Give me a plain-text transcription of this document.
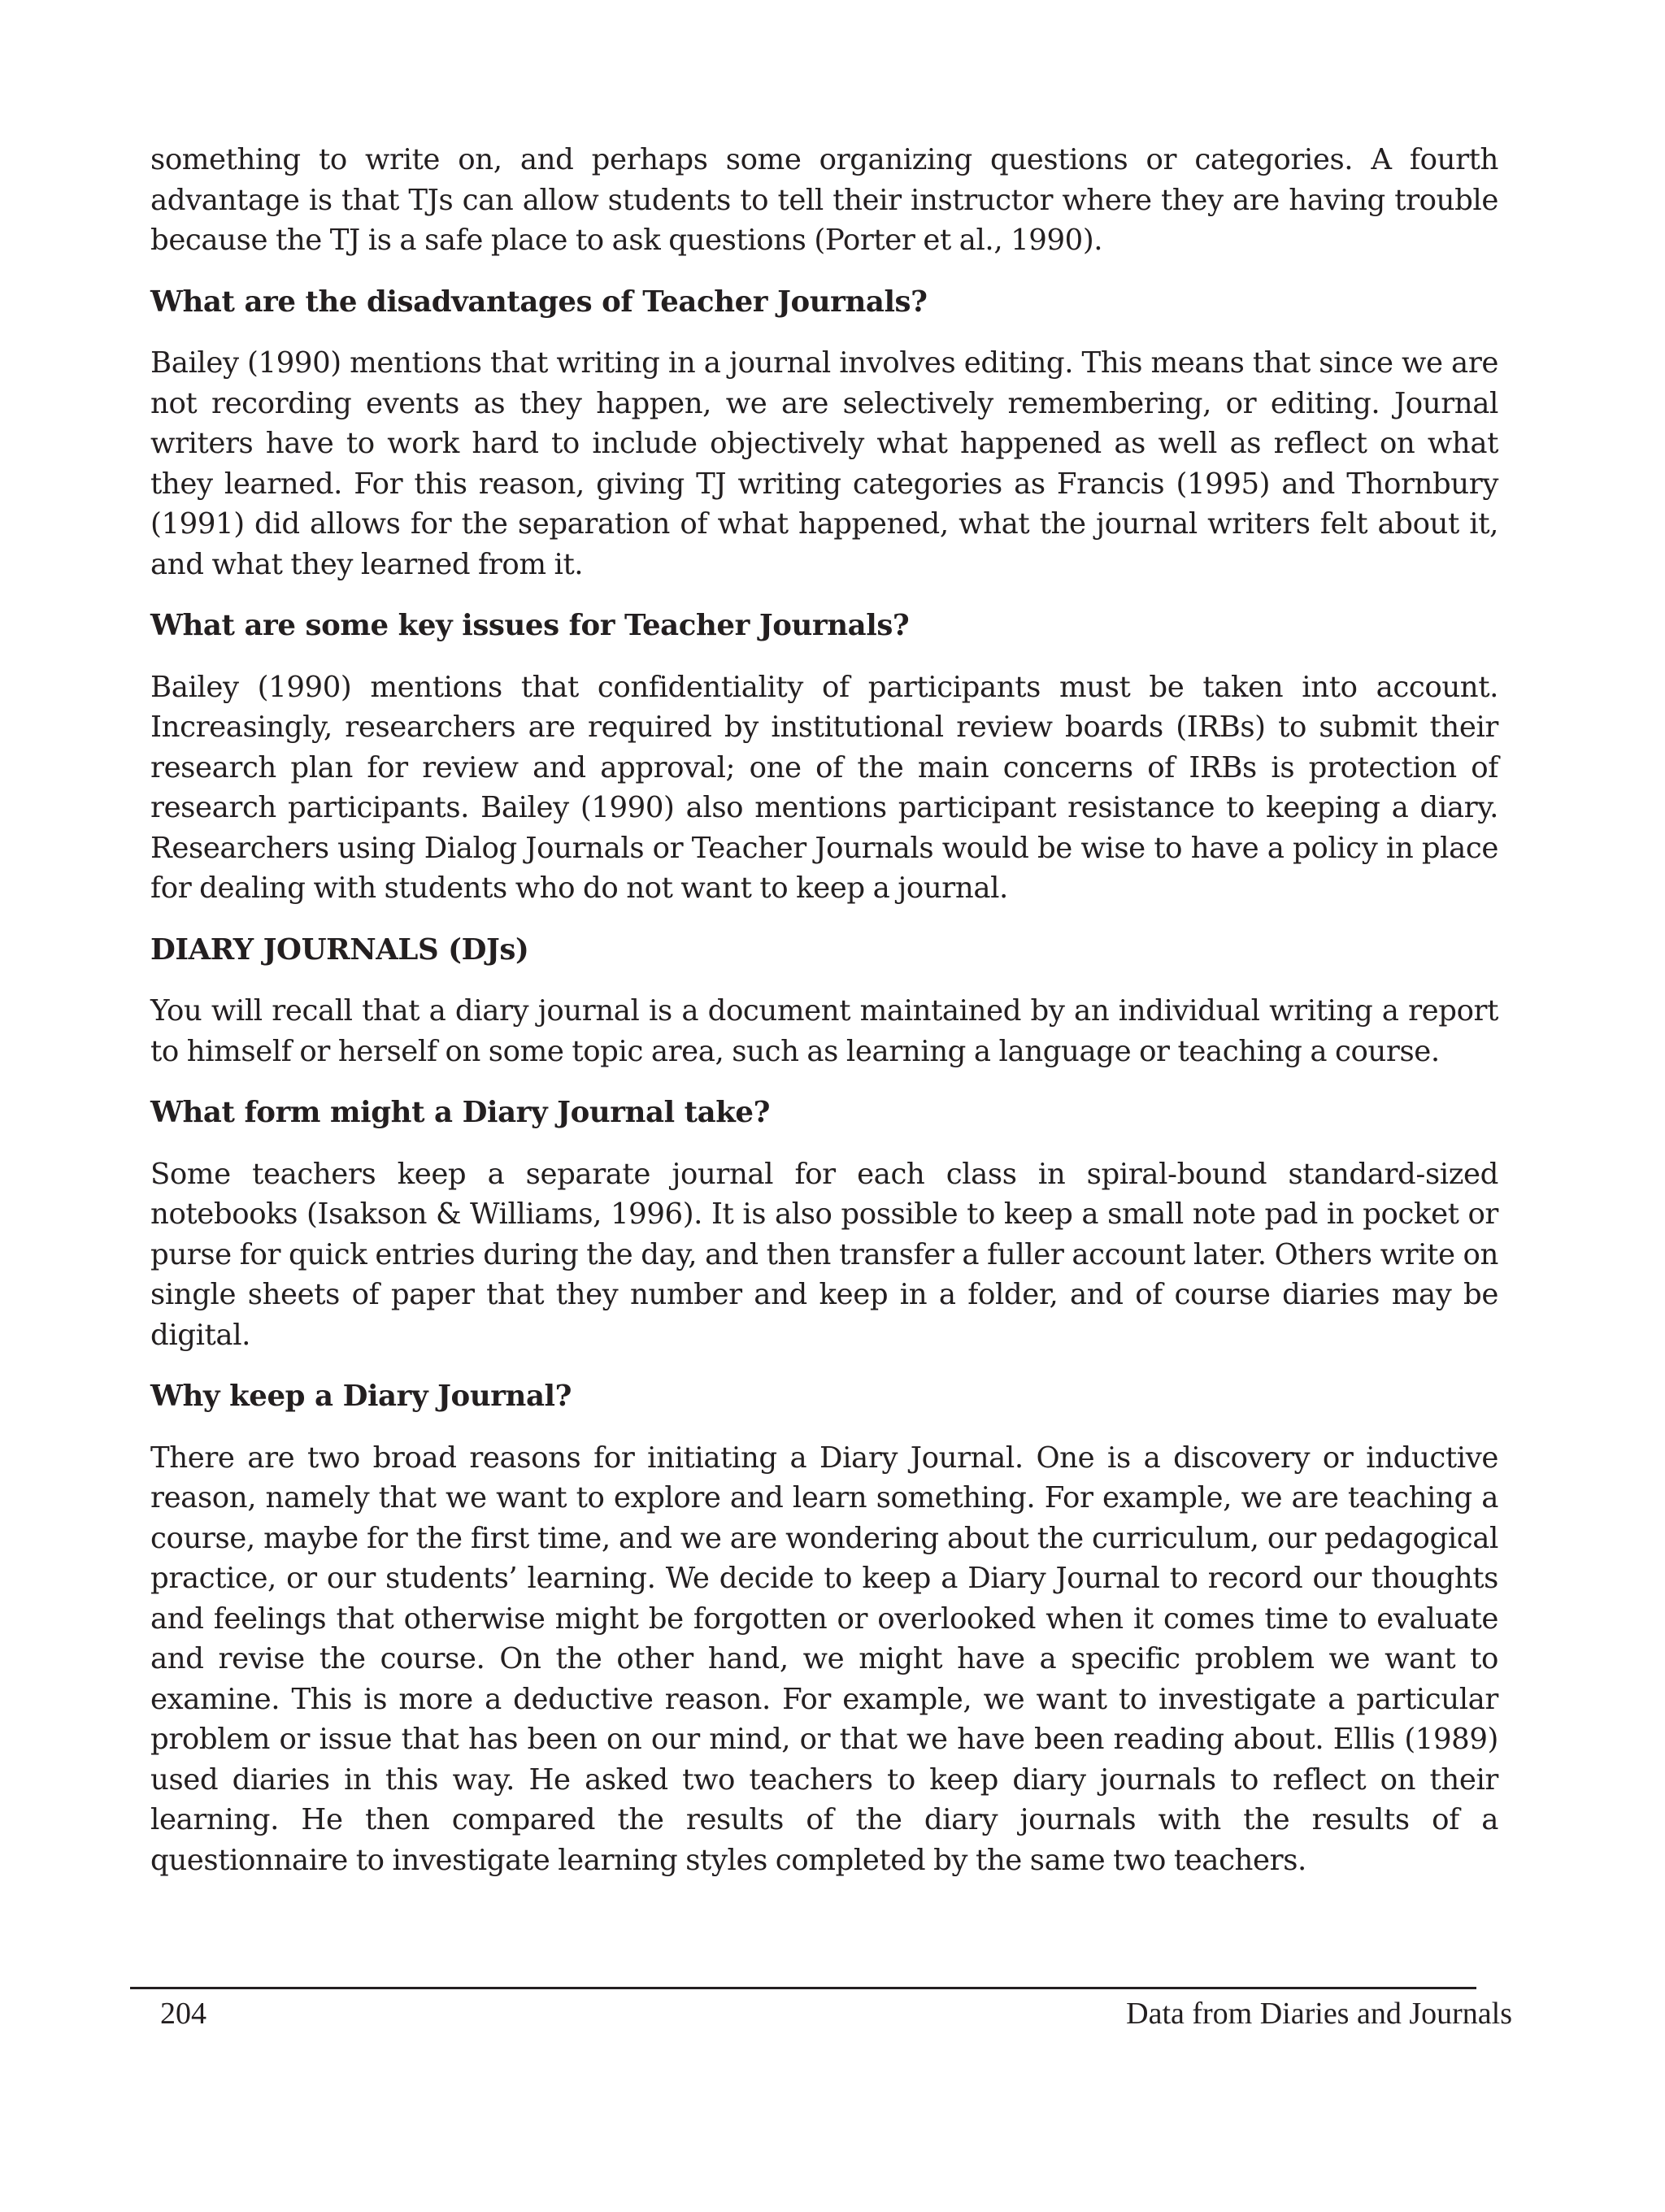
something to write on, and perhaps some organizing questions or categories. A fourth advantage is that TJs can allow students to tell their instructor where they are having trouble because the TJ is a safe place to ask questions (Porter et al., 1990).

What are the disadvantages of Teacher Journals?

Bailey (1990) mentions that writing in a journal involves editing. This means that since we are not recording events as they happen, we are selectively remembering, or editing. Journal writers have to work hard to include objectively what happened as well as reflect on what they learned. For this reason, giving TJ writing categories as Francis (1995) and Thornbury (1991) did allows for the separation of what happened, what the journal writers felt about it, and what they learned from it.

What are some key issues for Teacher Journals?

Bailey (1990) mentions that confidentiality of participants must be taken into account. Increasingly, researchers are required by institutional review boards (IRBs) to submit their research plan for review and approval; one of the main concerns of IRBs is protection of research participants. Bailey (1990) also mentions participant resistance to keeping a diary. Researchers using Dialog Journals or Teacher Journals would be wise to have a policy in place for dealing with students who do not want to keep a journal.

DIARY JOURNALS (DJs)

You will recall that a diary journal is a document maintained by an individual writing a report to himself or herself on some topic area, such as learning a language or teaching a course.

What form might a Diary Journal take?

Some teachers keep a separate journal for each class in spiral-bound standard-sized notebooks (Isakson & Williams, 1996). It is also possible to keep a small note pad in pocket or purse for quick entries during the day, and then transfer a fuller account later. Others write on single sheets of paper that they number and keep in a folder, and of course diaries may be digital.

Why keep a Diary Journal?

There are two broad reasons for initiating a Diary Journal. One is a discovery or inductive reason, namely that we want to explore and learn something. For example, we are teaching a course, maybe for the first time, and we are wondering about the curriculum, our pedagogical practice, or our students’ learning. We decide to keep a Diary Journal to record our thoughts and feelings that otherwise might be forgotten or overlooked when it comes time to evaluate and revise the course. On the other hand, we might have a specific problem we want to examine. This is more a deductive reason. For example, we want to investigate a particular problem or issue that has been on our mind, or that we have been reading about. Ellis (1989) used diaries in this way. He asked two teachers to keep diary journals to reflect on their learning. He then compared the results of the diary journals with the results of a questionnaire to investigate learning styles completed by the same two teachers.

204	Data from Diaries and Journals
